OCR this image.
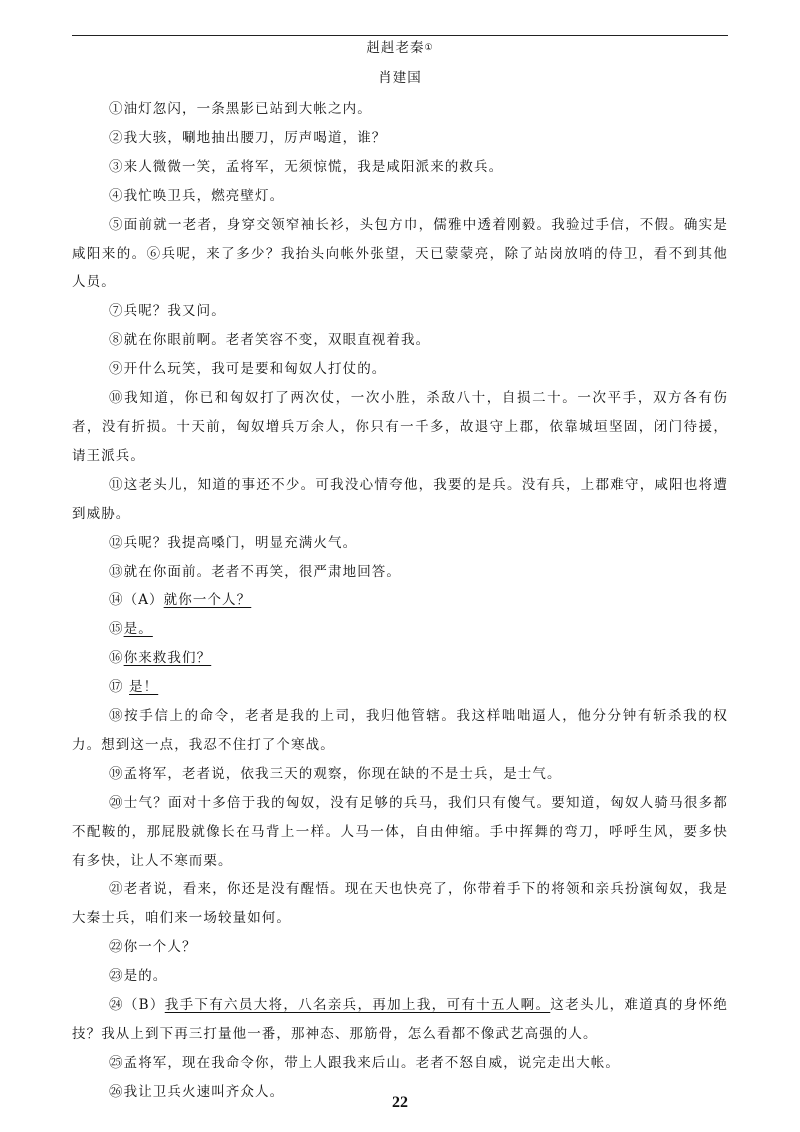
赳赳老秦①
肖建国

①油灯忽闪，一条黑影已站到大帐之内。

②我大骇，唰地抽出腰刀，厉声喝道，谁？

③来人微微一笑，孟将军，无须惊慌，我是咸阳派来的救兵。

④我忙唤卫兵，燃亮壁灯。

⑤面前就一老者，身穿交领窄袖长衫，头包方巾，儒雅中透着刚毅。我验过手信，不假。确实是咸阳来的。⑥兵呢，来了多少？我抬头向帐外张望，天已蒙蒙亮，除了站岗放哨的侍卫，看不到其他人员。

⑦兵呢？我又问。

⑧就在你眼前啊。老者笑容不变，双眼直视着我。

⑨开什么玩笑，我可是要和匈奴人打仗的。

⑩我知道，你已和匈奴打了两次仗，一次小胜，杀敌八十，自损二十。一次平手，双方各有伤者，没有折损。十天前，匈奴增兵万余人，你只有一千多，故退守上郡，依靠城垣坚固，闭门待援，请王派兵。

⑪这老头儿，知道的事还不少。可我没心情夸他，我要的是兵。没有兵，上郡难守，咸阳也将遭到威胁。

⑫兵呢？我提高嗓门，明显充满火气。

⑬就在你面前。老者不再笑，很严肃地回答。

⑭（A）就你一个人？

⑮是。

⑯你来救我们？

⑰ 是！

⑱按手信上的命令，老者是我的上司，我归他管辖。我这样咄咄逼人，他分分钟有斩杀我的权力。想到这一点，我忍不住打了个寒战。

⑲孟将军，老者说，依我三天的观察，你现在缺的不是士兵，是士气。

⑳士气？面对十多倍于我的匈奴，没有足够的兵马，我们只有傻气。要知道，匈奴人骑马很多都不配鞍的，那屁股就像长在马背上一样。人马一体，自由伸缩。手中挥舞的弯刀，呼呼生风，要多快有多快，让人不寒而栗。

㉑老者说，看来，你还是没有醒悟。现在天也快亮了，你带着手下的将领和亲兵扮演匈奴，我是大秦士兵，咱们来一场较量如何。

㉒你一个人？

㉓是的。

㉔（B）我手下有六员大将，八名亲兵，再加上我，可有十五人啊。这老头儿，难道真的身怀绝技？我从上到下再三打量他一番，那神态、那筋骨，怎么看都不像武艺高强的人。

㉕孟将军，现在我命令你，带上人跟我来后山。老者不怒自威，说完走出大帐。

㉖我让卫兵火速叫齐众人。

22
